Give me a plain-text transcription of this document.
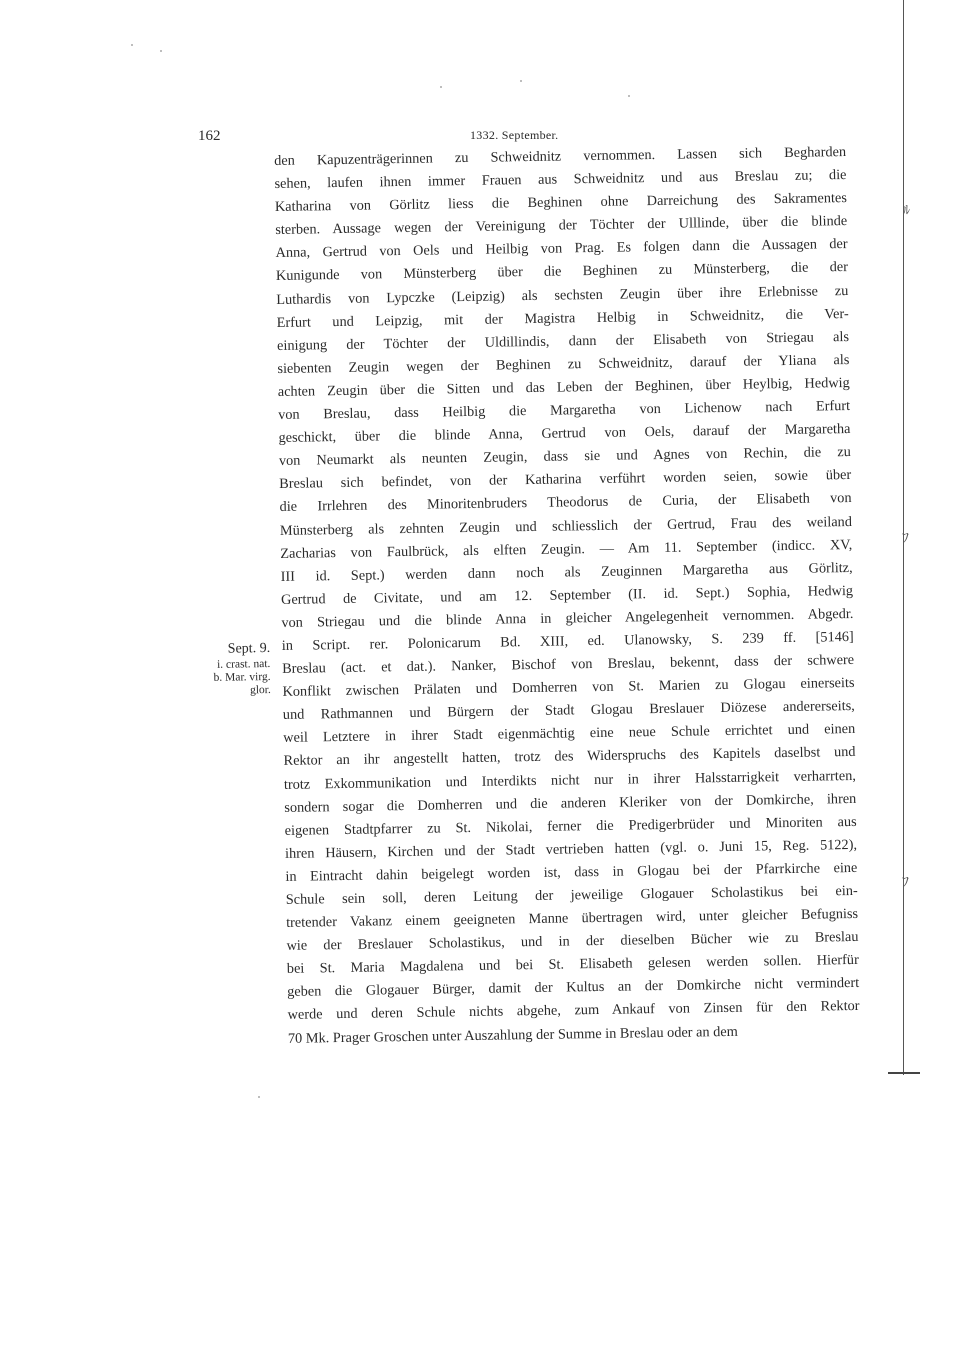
ﾙ
ﾌ
ﾌ
162	1332. September.
Sept. 9.
i. crast. nat.
b. Mar. virg.
glor.
den Kapuzenträgerinnen zu Schweidnitz vernommen. Lassen sich Begharden
sehen, laufen ihnen immer Frauen aus Schweidnitz und aus Breslau zu; die
Katharina von Görlitz liess die Beghinen ohne Darreichung des Sakramentes
sterben. Aussage wegen der Vereinigung der Töchter der Ulllinde, über die blinde
Anna, Gertrud von Oels und Heilbig von Prag. Es folgen dann die Aussagen der
Kunigunde von Münsterberg über die Beghinen zu Münsterberg, die der
Luthardis von Lypczke (Leipzig) als sechsten Zeugin über ihre Erlebnisse zu
Erfurt und Leipzig, mit der Magistra Helbig in Schweidnitz, die Ver-
einigung der Töchter der Uldillindis, dann der Elisabeth von Striegau als
siebenten Zeugin wegen der Beghinen zu Schweidnitz, darauf der Yliana als
achten Zeugin über die Sitten und das Leben der Beghinen, über Heylbig, Hedwig
von Breslau, dass Heilbig die Margaretha von Lichenow nach Erfurt
geschickt, über die blinde Anna, Gertrud von Oels, darauf der Margaretha
von Neumarkt als neunten Zeugin, dass sie und Agnes von Rechin, die zu
Breslau sich befindet, von der Katharina verführt worden seien, sowie über
die Irrlehren des Minoritenbruders Theodorus de Curia, der Elisabeth von
Münsterberg als zehnten Zeugin und schliesslich der Gertrud, Frau des weiland
Zacharias von Faulbrück, als elften Zeugin. — Am 11. September (indicc. XV,
III id. Sept.) werden dann noch als Zeuginnen Margaretha aus Görlitz,
Gertrud de Civitate, und am 12. September (II. id. Sept.) Sophia, Hedwig
von Striegau und die blinde Anna in gleicher Angelegenheit vernommen. Abgedr.
in Script. rer. Polonicarum Bd. XIII, ed. Ulanowsky, S. 239 ff. [5146]
Breslau (act. et dat.). Nanker, Bischof von Breslau, bekennt, dass der schwere
Konflikt zwischen Prälaten und Domherren von St. Marien zu Glogau einerseits
und Rathmannen und Bürgern der Stadt Glogau Breslauer Diözese andererseits,
weil Letztere in ihrer Stadt eigenmächtig eine neue Schule errichtet und einen
Rektor an ihr angestellt hatten, trotz des Widerspruchs des Kapitels daselbst und
trotz Exkommunikation und Interdikts nicht nur in ihrer Halsstarrigkeit verharrten,
sondern sogar die Domherren und die anderen Kleriker von der Domkirche, ihren
eigenen Stadtpfarrer zu St. Nikolai, ferner die Predigerbrüder und Minoriten aus
ihren Häusern, Kirchen und der Stadt vertrieben hatten (vgl. o. Juni 15, Reg. 5122),
in Eintracht dahin beigelegt worden ist, dass in Glogau bei der Pfarrkirche eine
Schule sein soll, deren Leitung der jeweilige Glogauer Scholastikus bei ein-
tretender Vakanz einem geeigneten Manne übertragen wird, unter gleicher Befugniss
wie der Breslauer Scholastikus, und in der dieselben Bücher wie zu Breslau
bei St. Maria Magdalena und bei St. Elisabeth gelesen werden sollen. Hierfür
geben die Glogauer Bürger, damit der Kultus an der Domkirche nicht vermindert
werde und deren Schule nichts abgehe, zum Ankauf von Zinsen für den Rektor
70 Mk. Prager Groschen unter Auszahlung der Summe in Breslau oder an dem
